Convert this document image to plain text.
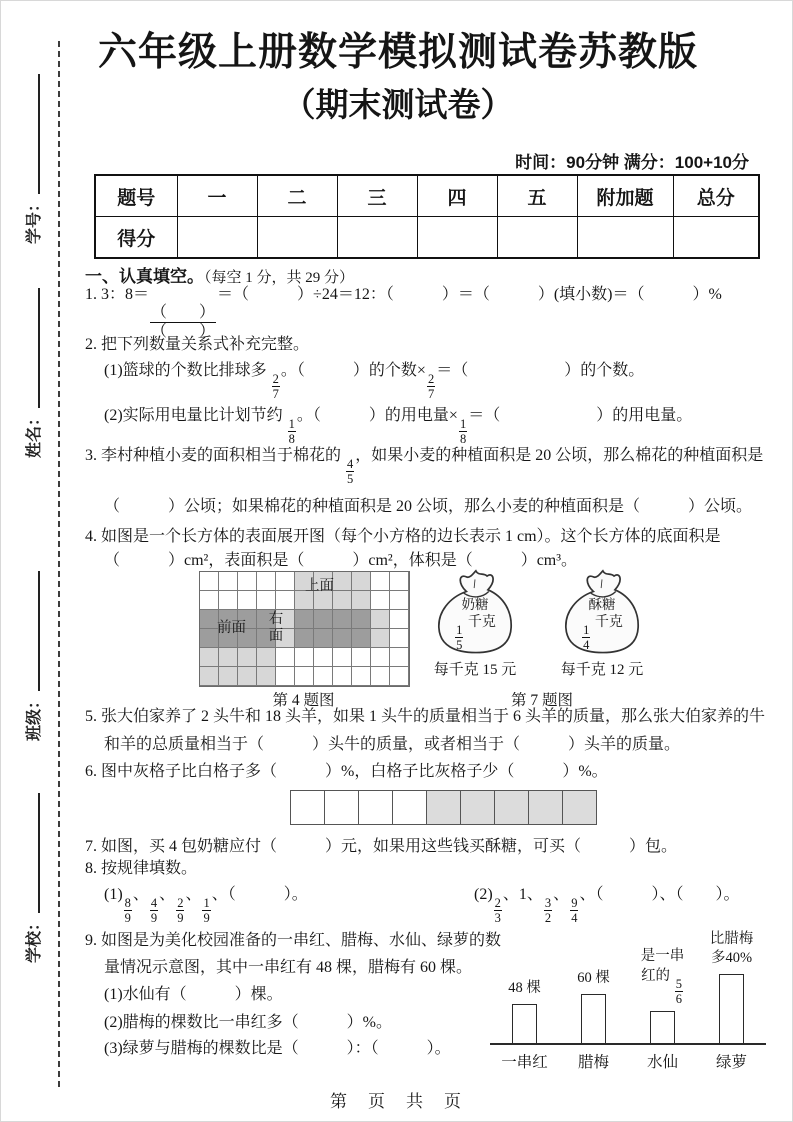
学号：
姓名：
班级：
学校：
六年级上册数学模拟测试卷苏教版
（期末测试卷）
时间：90分钟 满分：100+10分
题号	一	二	三	四	五	附加题	总分
得分							
一、认真填空。（每空 1 分，共 29 分）
1. 3：8＝
（　　）
（　　）
＝（　　　）÷24＝12：（　　　）＝（　　　）(填小数)＝（　　　）%
2. 把下列数量关系式补充完整。
(1)篮球的个数比排球多
$\frac{2}{7}$
。（　　　）的个数×
$\frac{2}{7}$
＝（　　　　　　）的个数。
(2)实际用电量比计划节约
$\frac{1}{8}$
。（　　　）的用电量×
$\frac{1}{8}$
＝（　　　　　　）的用电量。
3. 李村种植小麦的面积相当于棉花的
$\frac{4}{5}$
，如果小麦的种植面积是 20 公顷，那么棉花的种植面积是
（　　　）公顷；如果棉花的种植面积是 20 公顷，那么小麦的种植面积是（　　　）公顷。
4. 如图是一个长方体的表面展开图（每个小方格的边长表示 1 cm）。这个长方体的底面积是
（　　　）cm²，表面积是（　　　）cm²，体积是（　　　）cm³。
上面
前面
右面
第 4 题图
奶糖
$\frac{1}{5}$
千克
每千克 15 元
酥糖
$\frac{1}{4}$
千克
每千克 12 元
第 7 题图
5. 张大伯家养了 2 头牛和 18 头羊，如果 1 头牛的质量相当于 6 头羊的质量，那么张大伯家养的牛
和羊的总质量相当于（　　　）头牛的质量，或者相当于（　　　）头羊的质量。
6. 图中灰格子比白格子多（　　　）%，白格子比灰格子少（　　　）%。
7. 如图，买 4 包奶糖应付（　　　）元，如果用这些钱买酥糖，可买（　　　）包。
8. 按规律填数。
(1)
$\frac{8}{9}$
、
$\frac{4}{9}$
、
$\frac{2}{9}$
、
$\frac{1}{9}$
、（　　　）。	(2)
$\frac{2}{3}$
、1、
$\frac{3}{2}$
、
$\frac{9}{4}$
、（　　　）、（　　）。
9. 如图是为美化校园准备的一串红、腊梅、水仙、绿萝的数
量情况示意图，其中一串红有 48 棵，腊梅有 60 棵。
(1)水仙有（　　　）棵。
(2)腊梅的棵数比一串红多（　　　）%。
(3)绿萝与腊梅的棵数比是（　　　）：（　　　）。
48 棵
60 棵
是一串
红的
$\frac{5}{6}$
比腊梅
多40%
一串红	腊梅	水仙	绿萝
第　页　共　页
